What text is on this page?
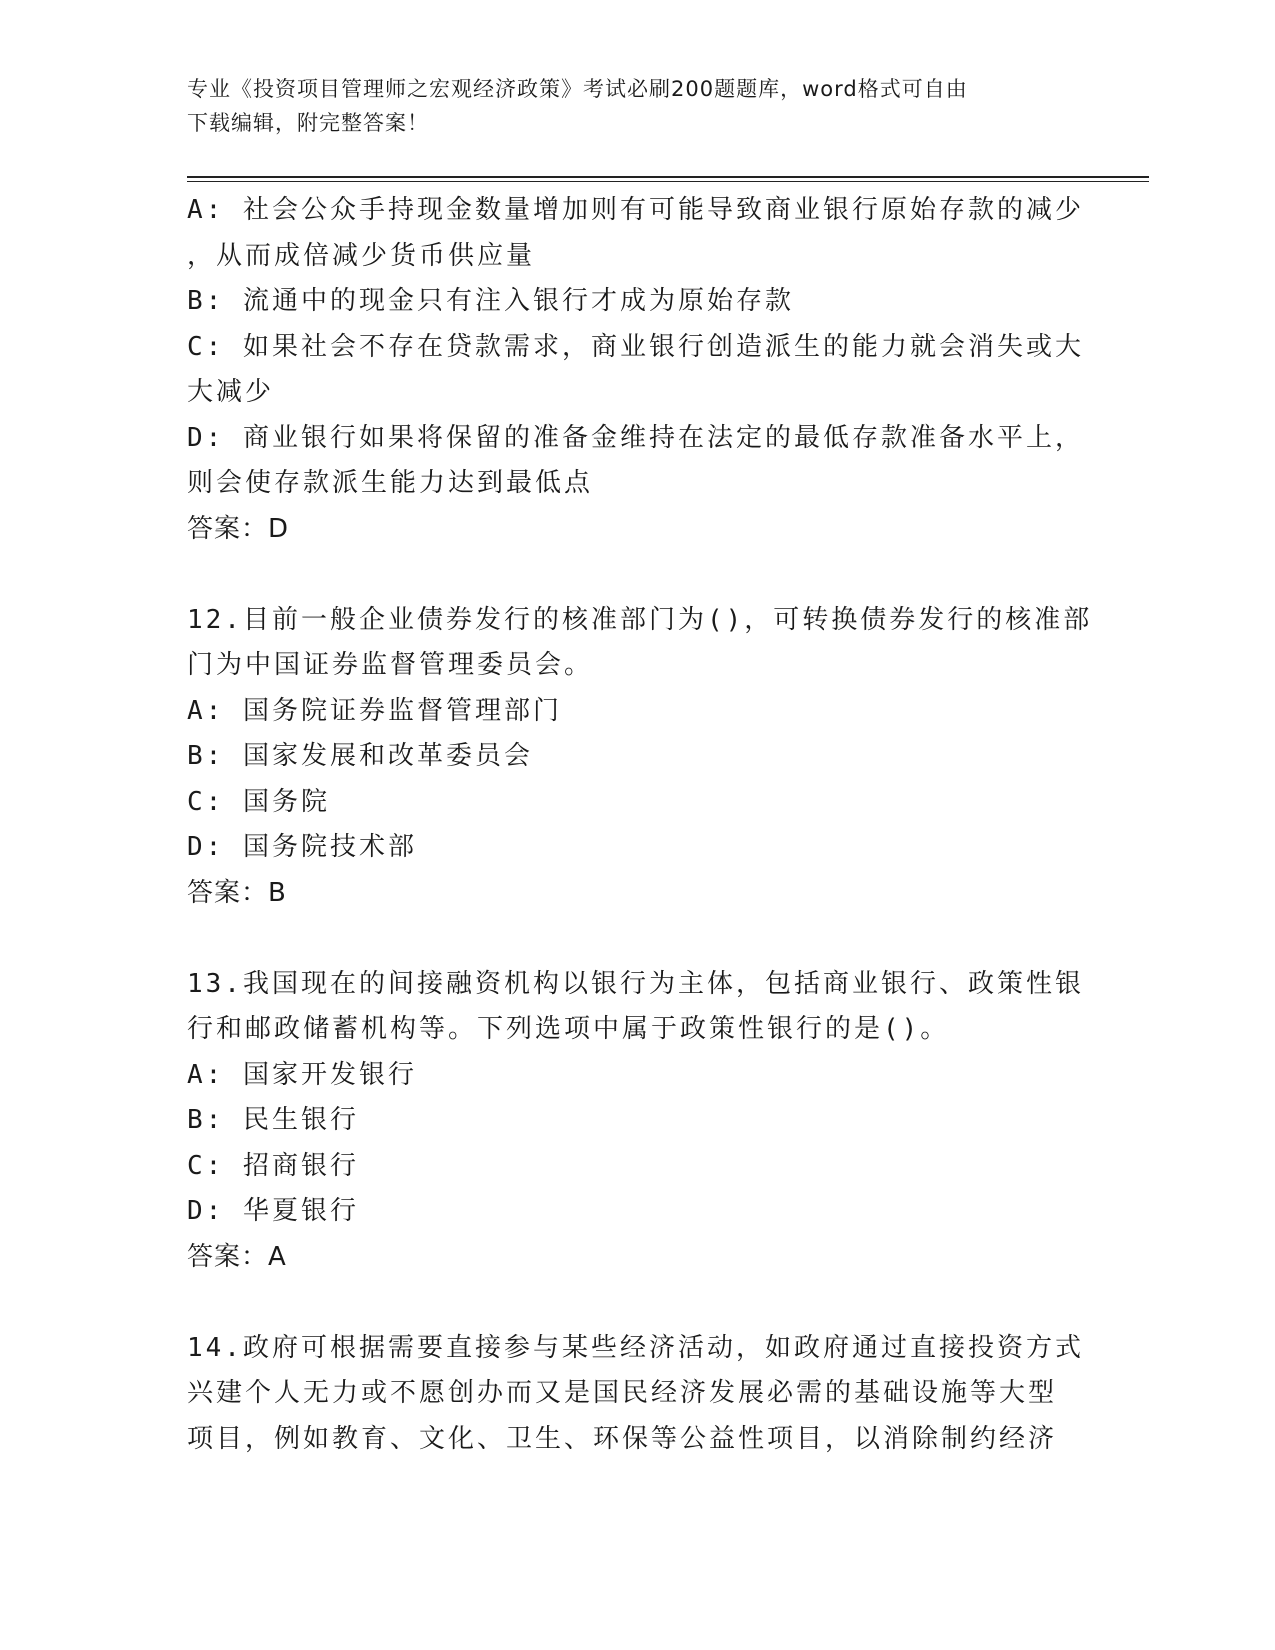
专业《投资项目管理师之宏观经济政策》考试必刷200题题库，word格式可自由
下载编辑，附完整答案！
A: 社会公众手持现金数量增加则有可能导致商业银行原始存款的减少
，从而成倍减少货币供应量
B: 流通中的现金只有注入银行才成为原始存款
C: 如果社会不存在贷款需求，商业银行创造派生的能力就会消失或大
大减少
D: 商业银行如果将保留的准备金维持在法定的最低存款准备水平上，
则会使存款派生能力达到最低点
答案：D
12.目前一般企业债券发行的核准部门为()，可转换债券发行的核准部
门为中国证券监督管理委员会。
A: 国务院证券监督管理部门
B: 国家发展和改革委员会
C: 国务院
D: 国务院技术部
答案：B
13.我国现在的间接融资机构以银行为主体，包括商业银行、政策性银
行和邮政储蓄机构等。下列选项中属于政策性银行的是()。
A: 国家开发银行
B: 民生银行
C: 招商银行
D: 华夏银行
答案：A
14.政府可根据需要直接参与某些经济活动，如政府通过直接投资方式
兴建个人无力或不愿创办而又是国民经济发展必需的基础设施等大型
项目，例如教育、文化、卫生、环保等公益性项目，以消除制约经济
